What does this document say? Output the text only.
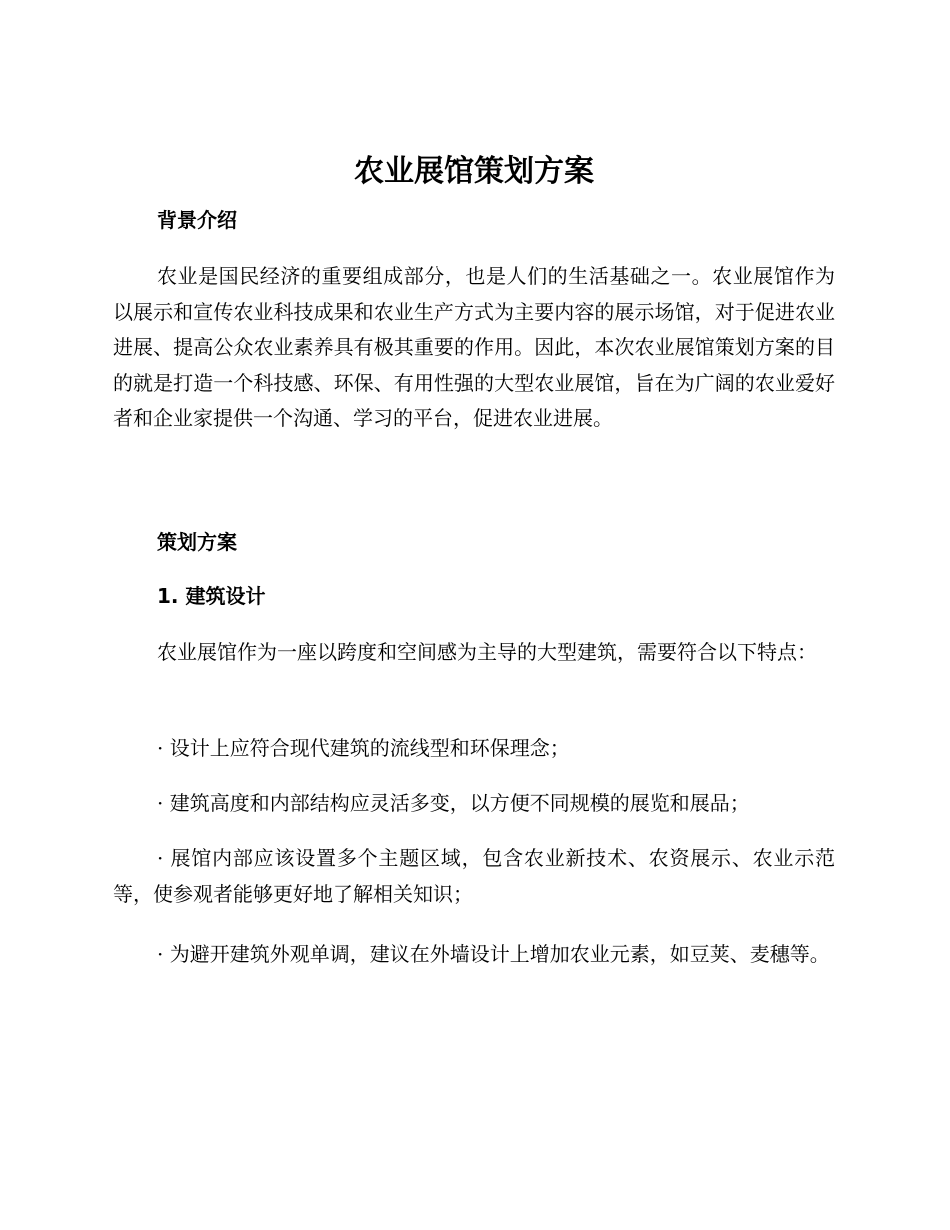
农业展馆策划方案
背景介绍

农业是国民经济的重要组成部分，也是人们的生活基础之一。农业展馆作为以展示和宣传农业科技成果和农业生产方式为主要内容的展示场馆，对于促进农业进展、提高公众农业素养具有极其重要的作用。因此，本次农业展馆策划方案的目的就是打造一个科技感、环保、有用性强的大型农业展馆，旨在为广阔的农业爱好者和企业家提供一个沟通、学习的平台，促进农业进展。

策划方案
1. 建筑设计

农业展馆作为一座以跨度和空间感为主导的大型建筑，需要符合以下特点：

· 设计上应符合现代建筑的流线型和环保理念；

· 建筑高度和内部结构应灵活多变，以方便不同规模的展览和展品；

· 展馆内部应该设置多个主题区域，包含农业新技术、农资展示、农业示范等，使参观者能够更好地了解相关知识；

· 为避开建筑外观单调，建议在外墙设计上增加农业元素，如豆荚、麦穗等。
